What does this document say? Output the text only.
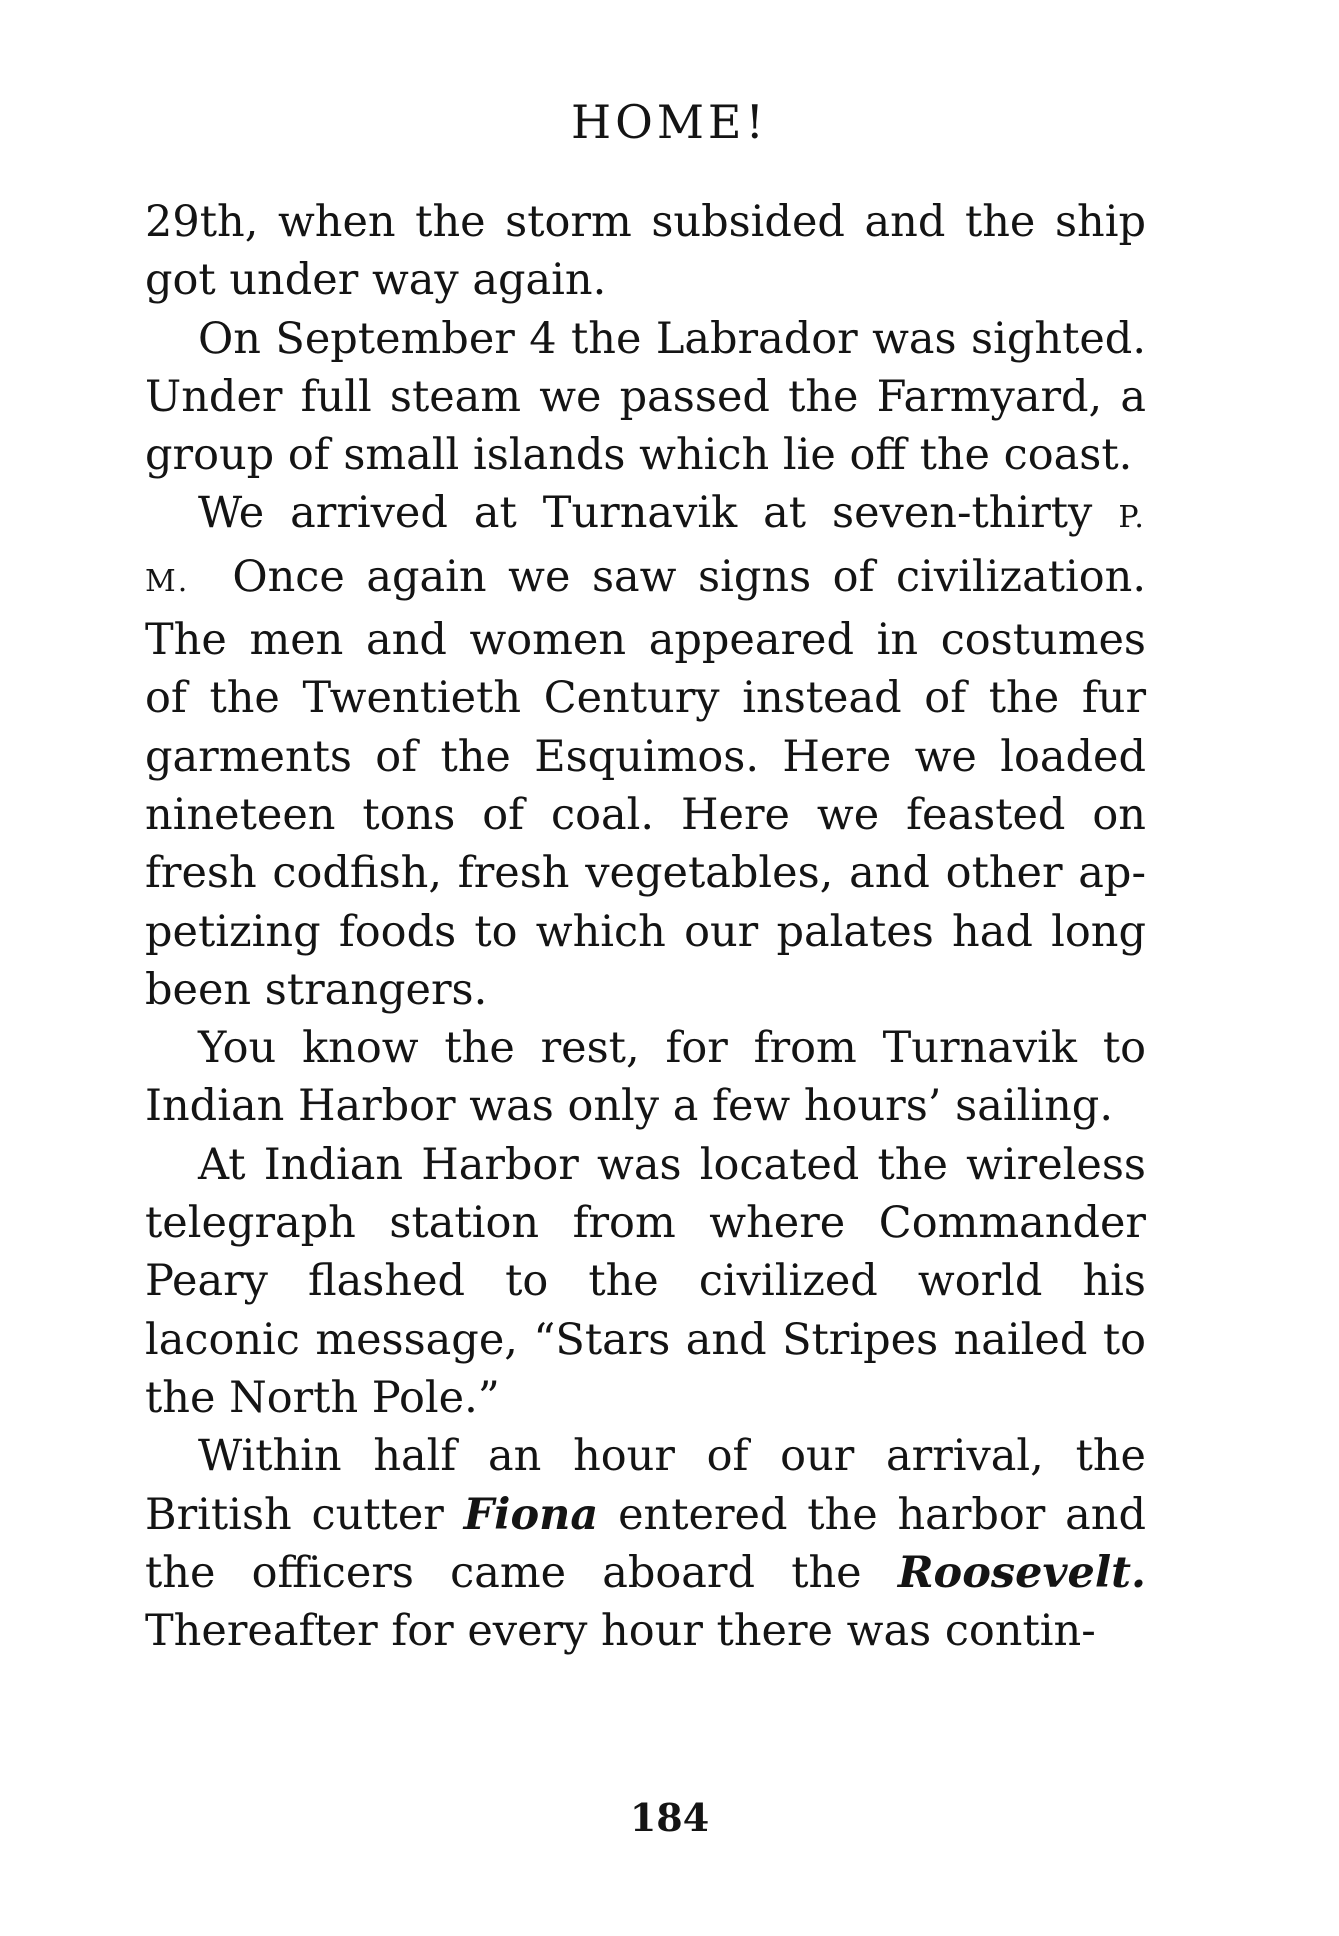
HOME!

29th, when the storm subsided and the ship got under way again.

On September 4 the Labrador was sighted. Under full steam we passed the Farmyard, a group of small islands which lie off the coast.

We arrived at Turnavik at seven-thirty P. M. Once again we saw signs of civilization. The men and women appeared in costumes of the Twentieth Century instead of the fur garments of the Esquimos. Here we loaded nineteen tons of coal. Here we feasted on fresh codfish, fresh vegetables, and other appetizing foods to which our palates had long been strangers.

You know the rest, for from Turnavik to Indian Harbor was only a few hours’ sailing.

At Indian Harbor was located the wireless telegraph station from where Commander Peary flashed to the civilized world his laconic message, “Stars and Stripes nailed to the North Pole.”

Within half an hour of our arrival, the British cutter Fiona entered the harbor and the officers came aboard the Roosevelt. Thereafter for every hour there was contin-

184
